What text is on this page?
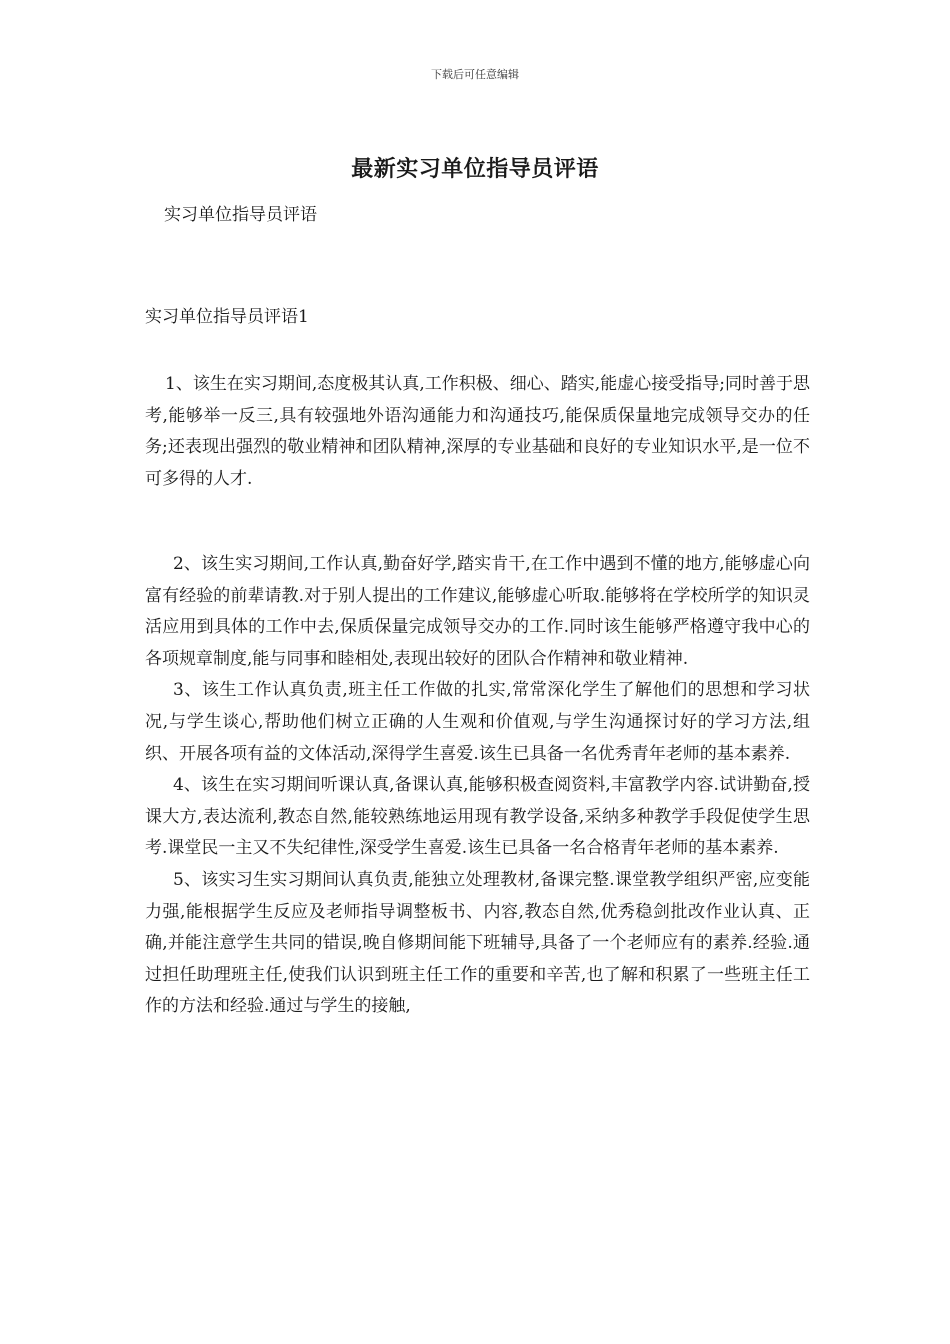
下载后可任意编辑
最新实习单位指导员评语
实习单位指导员评语
实习单位指导员评语1

1、该生在实习期间,态度极其认真,工作积极、细心、踏实,能虚心接受指导;同时善于思考,能够举一反三,具有较强地外语沟通能力和沟通技巧,能保质保量地完成领导交办的任务;还表现出强烈的敬业精神和团队精神,深厚的专业基础和良好的专业知识水平,是一位不可多得的人才.

2、该生实习期间,工作认真,勤奋好学,踏实肯干,在工作中遇到不懂的地方,能够虚心向富有经验的前辈请教.对于别人提出的工作建议,能够虚心听取.能够将在学校所学的知识灵活应用到具体的工作中去,保质保量完成领导交办的工作.同时该生能够严格遵守我中心的各项规章制度,能与同事和睦相处,表现出较好的团队合作精神和敬业精神.

3、该生工作认真负责,班主任工作做的扎实,常常深化学生了解他们的思想和学习状况,与学生谈心,帮助他们树立正确的人生观和价值观,与学生沟通探讨好的学习方法,组织、开展各项有益的文体活动,深得学生喜爱.该生已具备一名优秀青年老师的基本素养.

4、该生在实习期间听课认真,备课认真,能够积极查阅资料,丰富教学内容.试讲勤奋,授课大方,表达流利,教态自然,能较熟练地运用现有教学设备,采纳多种教学手段促使学生思考.课堂民一主又不失纪律性,深受学生喜爱.该生已具备一名合格青年老师的基本素养.

5、该实习生实习期间认真负责,能独立处理教材,备课完整.课堂教学组织严密,应变能力强,能根据学生反应及老师指导调整板书、内容,教态自然,优秀稳剑批改作业认真、正确,并能注意学生共同的错误,晚自修期间能下班辅导,具备了一个老师应有的素养.经验.通过担任助理班主任,使我们认识到班主任工作的重要和辛苦,也了解和积累了一些班主任工作的方法和经验.通过与学生的接触,
